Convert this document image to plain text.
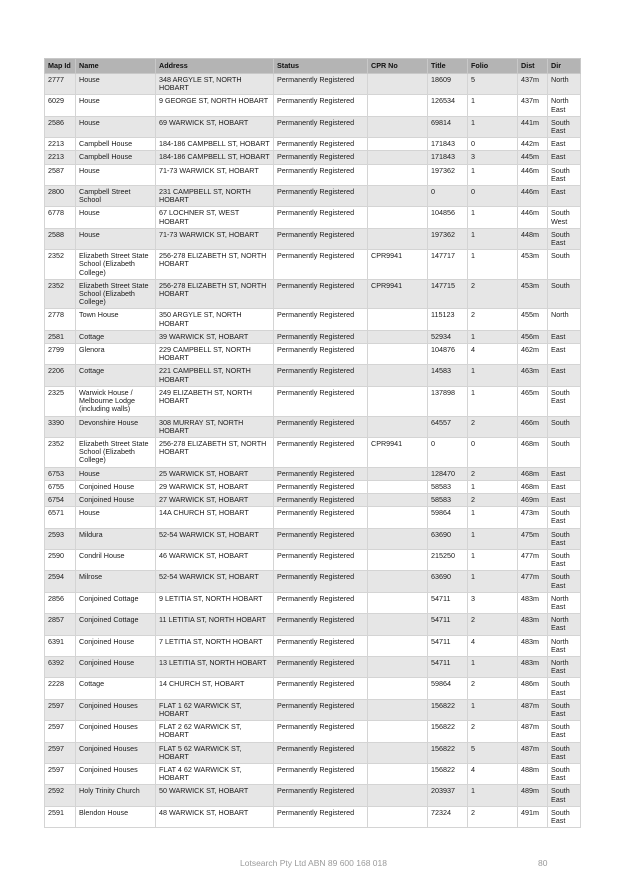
Map Id	Name	Address	Status	CPR No	Title	Folio	Dist	Dir
2777	House	348 ARGYLE ST, NORTH HOBART	Permanently Registered		18609	5	437m	North
6029	House	9 GEORGE ST, NORTH HOBART	Permanently Registered		126534	1	437m	North East
2586	House	69 WARWICK ST, HOBART	Permanently Registered		69814	1	441m	South East
2213	Campbell House	184-186 CAMPBELL ST, HOBART	Permanently Registered		171843	0	442m	East
2213	Campbell House	184-186 CAMPBELL ST, HOBART	Permanently Registered		171843	3	445m	East
2587	House	71-73 WARWICK ST, HOBART	Permanently Registered		197362	1	446m	South East
2800	Campbell Street School	231 CAMPBELL ST, NORTH HOBART	Permanently Registered		0	0	446m	East
6778	House	67 LOCHNER ST, WEST HOBART	Permanently Registered		104856	1	446m	South West
2588	House	71-73 WARWICK ST, HOBART	Permanently Registered		197362	1	448m	South East
2352	Elizabeth Street State School (Elizabeth College)	256-278 ELIZABETH ST, NORTH HOBART	Permanently Registered	CPR9941	147717	1	453m	South
2352	Elizabeth Street State School (Elizabeth College)	256-278 ELIZABETH ST, NORTH HOBART	Permanently Registered	CPR9941	147715	2	453m	South
2778	Town House	350 ARGYLE ST, NORTH HOBART	Permanently Registered		115123	2	455m	North
2581	Cottage	39 WARWICK ST, HOBART	Permanently Registered		52934	1	456m	East
2799	Glenora	229 CAMPBELL ST, NORTH HOBART	Permanently Registered		104876	4	462m	East
2206	Cottage	221 CAMPBELL ST, NORTH HOBART	Permanently Registered		14583	1	463m	East
2325	Warwick House / Melbourne Lodge (including walls)	249 ELIZABETH ST, NORTH HOBART	Permanently Registered		137898	1	465m	South East
3390	Devonshire House	308 MURRAY ST, NORTH HOBART	Permanently Registered		64557	2	466m	South
2352	Elizabeth Street State School (Elizabeth College)	256-278 ELIZABETH ST, NORTH HOBART	Permanently Registered	CPR9941	0	0	468m	South
6753	House	25 WARWICK ST, HOBART	Permanently Registered		128470	2	468m	East
6755	Conjoined House	29 WARWICK ST, HOBART	Permanently Registered		58583	1	468m	East
6754	Conjoined House	27 WARWICK ST, HOBART	Permanently Registered		58583	2	469m	East
6571	House	14A CHURCH ST, HOBART	Permanently Registered		59864	1	473m	South East
2593	Mildura	52-54 WARWICK ST, HOBART	Permanently Registered		63690	1	475m	South East
2590	Condril House	46 WARWICK ST, HOBART	Permanently Registered		215250	1	477m	South East
2594	Milrose	52-54 WARWICK ST, HOBART	Permanently Registered		63690	1	477m	South East
2856	Conjoined Cottage	9 LETITIA ST, NORTH HOBART	Permanently Registered		54711	3	483m	North East
2857	Conjoined Cottage	11 LETITIA ST, NORTH HOBART	Permanently Registered		54711	2	483m	North East
6391	Conjoined House	7 LETITIA ST, NORTH HOBART	Permanently Registered		54711	4	483m	North East
6392	Conjoined House	13 LETITIA ST, NORTH HOBART	Permanently Registered		54711	1	483m	North East
2228	Cottage	14 CHURCH ST, HOBART	Permanently Registered		59864	2	486m	South East
2597	Conjoined Houses	FLAT 1 62 WARWICK ST, HOBART	Permanently Registered		156822	1	487m	South East
2597	Conjoined Houses	FLAT 2 62 WARWICK ST, HOBART	Permanently Registered		156822	2	487m	South East
2597	Conjoined Houses	FLAT 5 62 WARWICK ST, HOBART	Permanently Registered		156822	5	487m	South East
2597	Conjoined Houses	FLAT 4 62 WARWICK ST, HOBART	Permanently Registered		156822	4	488m	South East
2592	Holy Trinity Church	50 WARWICK ST, HOBART	Permanently Registered		203937	1	489m	South East
2591	Blendon House	48 WARWICK ST, HOBART	Permanently Registered		72324	2	491m	South East
Lotsearch Pty Ltd ABN 89 600 168 018	80
